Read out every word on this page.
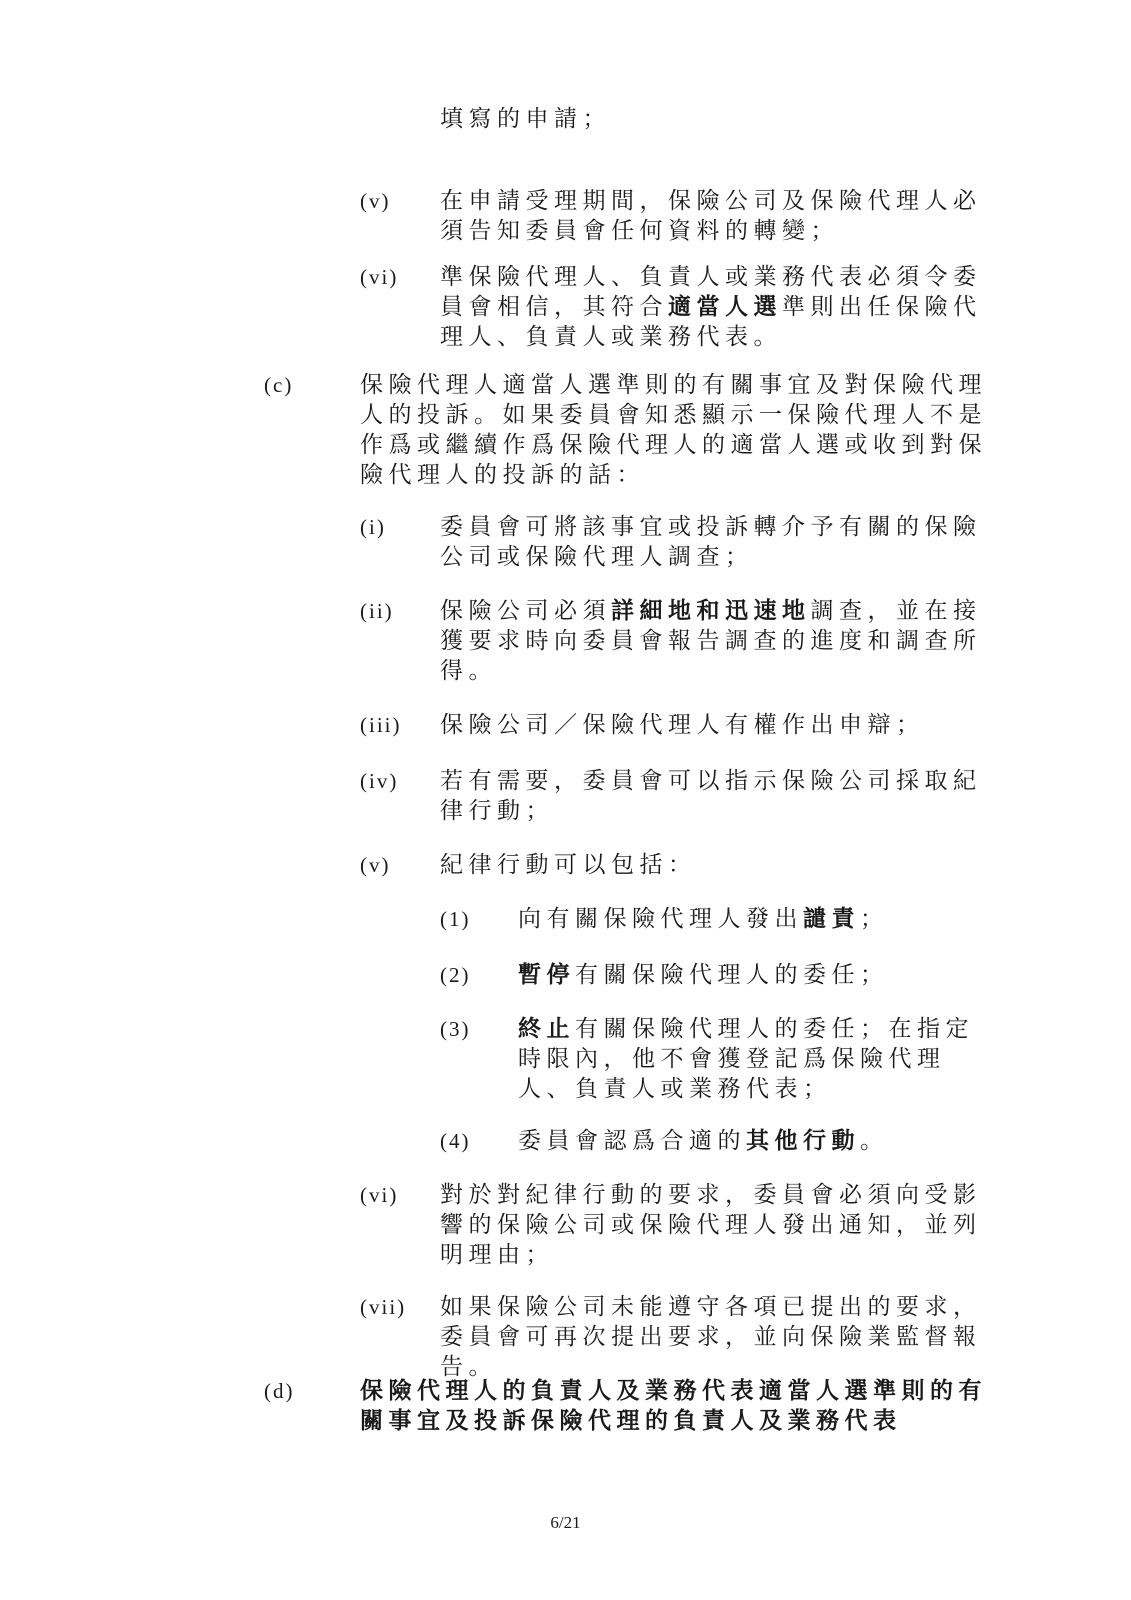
填寫的申請；
(v) 在申請受理期間，保險公司及保險代理人必須告知委員會任何資料的轉變；
(vi) 準保險代理人、負責人或業務代表必須令委員會相信，其符合適當人選準則出任保險代理人、負責人或業務代表。
(c)	保險代理人適當人選準則的有關事宜及對保險代理人的投訴。如果委員會知悉顯示一保險代理人不是作爲或繼續作爲保險代理人的適當人選或收到對保險代理人的投訴的話：
(i) 委員會可將該事宜或投訴轉介予有關的保險公司或保險代理人調查；
(ii) 保險公司必須詳細地和迅速地調查，並在接獲要求時向委員會報告調查的進度和調查所得。
(iii) 保險公司／保險代理人有權作出申辯；
(iv) 若有需要，委員會可以指示保險公司採取紀律行動；
(v) 紀律行動可以包括：
(1) 向有關保險代理人發出譴責；
(2) 暫停有關保險代理人的委任；
(3) 終止有關保險代理人的委任；在指定時限內，他不會獲登記爲保險代理人、負責人或業務代表；
(4) 委員會認爲合適的其他行動。
(vi) 對於對紀律行動的要求，委員會必須向受影響的保險公司或保險代理人發出通知，並列明理由；
(vii) 如果保險公司未能遵守各項已提出的要求，委員會可再次提出要求，並向保險業監督報告。
(d)	保險代理人的負責人及業務代表適當人選準則的有關事宜及投訴保險代理的負責人及業務代表
6/21
